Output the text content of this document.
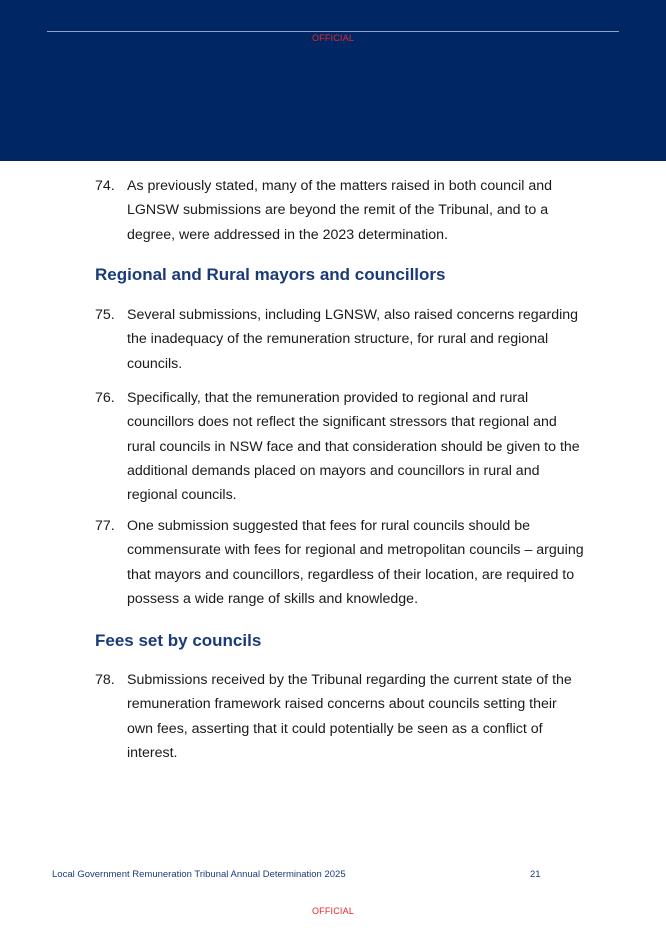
OFFICIAL
74. As previously stated, many of the matters raised in both council and LGNSW submissions are beyond the remit of the Tribunal, and to a degree, were addressed in the 2023 determination.
Regional and Rural mayors and councillors
75. Several submissions, including LGNSW, also raised concerns regarding the inadequacy of the remuneration structure, for rural and regional councils.
76. Specifically, that the remuneration provided to regional and rural councillors does not reflect the significant stressors that regional and rural councils in NSW face and that consideration should be given to the additional demands placed on mayors and councillors in rural and regional councils.
77. One submission suggested that fees for rural councils should be commensurate with fees for regional and metropolitan councils – arguing that mayors and councillors, regardless of their location, are required to possess a wide range of skills and knowledge.
Fees set by councils
78. Submissions received by the Tribunal regarding the current state of the remuneration framework raised concerns about councils setting their own fees, asserting that it could potentially be seen as a conflict of interest.
Local Government Remuneration Tribunal Annual Determination 2025	21
OFFICIAL
